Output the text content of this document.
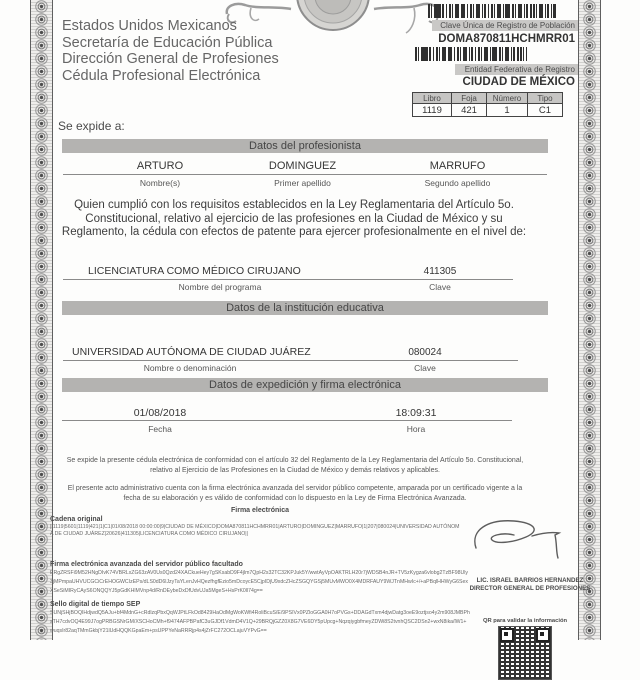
Estados Unidos Mexicanos
Secretaría de Educación Pública
Dirección General de Profesiones
Cédula Profesional Electrónica
Clave Única de Registro de Población
DOMA870811HCHMRR01
Entidad Federativa de Registro
CIUDAD DE MÉXICO
Libro	Foja	Número	Tipo
1119	421	1	C1
Se expide a:
Datos del profesionista
ARTURO	DOMINGUEZ	MARRUFO
Nombre(s)	Primer apellido	Segundo apellido
Quien cumplió con los requisitos establecidos en la Ley Reglamentaria del Artículo 5o. Constitucional, relativo al ejercicio de las profesiones en la Ciudad de México y su Reglamento, la cédula con efectos de patente para ejercer profesionalmente en el nivel de:
LICENCIATURA COMO MÉDICO CIRUJANO	411305
Nombre del programa	Clave
Datos de la institución educativa
UNIVERSIDAD AUTÓNOMA DE CIUDAD JUÁREZ	080024
Nombre o denominación	Clave
Datos de expedición y firma electrónica
01/08/2018	18:09:31
Fecha	Hora
Se expide la presente cédula electrónica de conformidad con el artículo 32 del Reglamento de la Ley Reglamentaria del Artículo 5o. Constitucional, relativo al Ejercicio de las Profesiones en la Ciudad de México y demás relativos y aplicables.
El presente acto administrativo cuenta con la firma electrónica avanzada del servidor público competente, amparada por un certificado vigente a la fecha de su elaboración y es válido de conformidad con lo dispuesto en la Ley de Firma Electrónica Avanzada.
Firma electrónica
Cadena original
||1119|5601|1119|421|1|C1|01/08/2018 00:00:00|9|CIUDAD DE MÉXICO|DOMA870811HCHMRR01|ARTURO|DOMINGUEZ|MARRUFO|1|207|080024|UNIVERSIDAD AUTÓNOMA DE CIUDAD JUÁREZ|20626|411305|LICENCIATURA COMO MÉDICO CIRUJANO||
Firma electrónica avanzada del servidor público facultado
ERgZRSFi9M52HNgDIvK74VBRLxZG63zAV0Us0Qzd24XACkueHey7gSKsabD9F4jlm7QpH2s32TC32KPJuk5Y/wwtAyVpOAKTRLH20r7jWDSB4nJR+TV5zKygza6vlobg2TzBF98Uly3jMPmpaUHVUCGCiCrEHOGWCIzEPs/dLS0dD6lJzyTaYLenJvHQezfhgfEzio5mDcoycE5CjpIDjU9xdcZHcZSGQYGSj5MUvMWO0X4MDRFAUY9WJTnMHwIc+/+aPBqlHHWyG6SexXSeSiMIRyCAyS6ONQQYJ5pGdKHlMVnp4d/RnDEybeDxDfUdvUJa5MgeS+HsPrK0ll74g==
LIC. ISRAEL BARRIOS HERNANDEZ
DIRECTOR GENERAL DE PROFESIONES
Sello digital de tiempo SEP
SUNjSHjBOQIHdjwdQ5AJu+bf4MdnG+cRdlzqPbxQqWJPtLFkOd8429HaOdMgWoKWfi4RoliBcuS/E/9PSIVx0PZloGGA0H7oPVGs+DDAGdTxm4djwDatg3oeE9oztjso4y2m908JMBPhsTH7cdvOQ4E99J7ogPRBGSNrGM/XSCHoCMh+f9474AFPBPafC3uGJDf1VdmD4V1Q+29BRQjGZZ0X8G7VE6DY5pUpcg+NqzqiygbfmeyZDWi8S2tvnhQSC2DSn2+wxN8ika/lW1+wuqsIr82aqTMmGkbjY21lUdHQQKGpaEm+psUPPYeNaRRRjp4s4jZrFC272OCLajuVYPvG==
QR para validar la información
